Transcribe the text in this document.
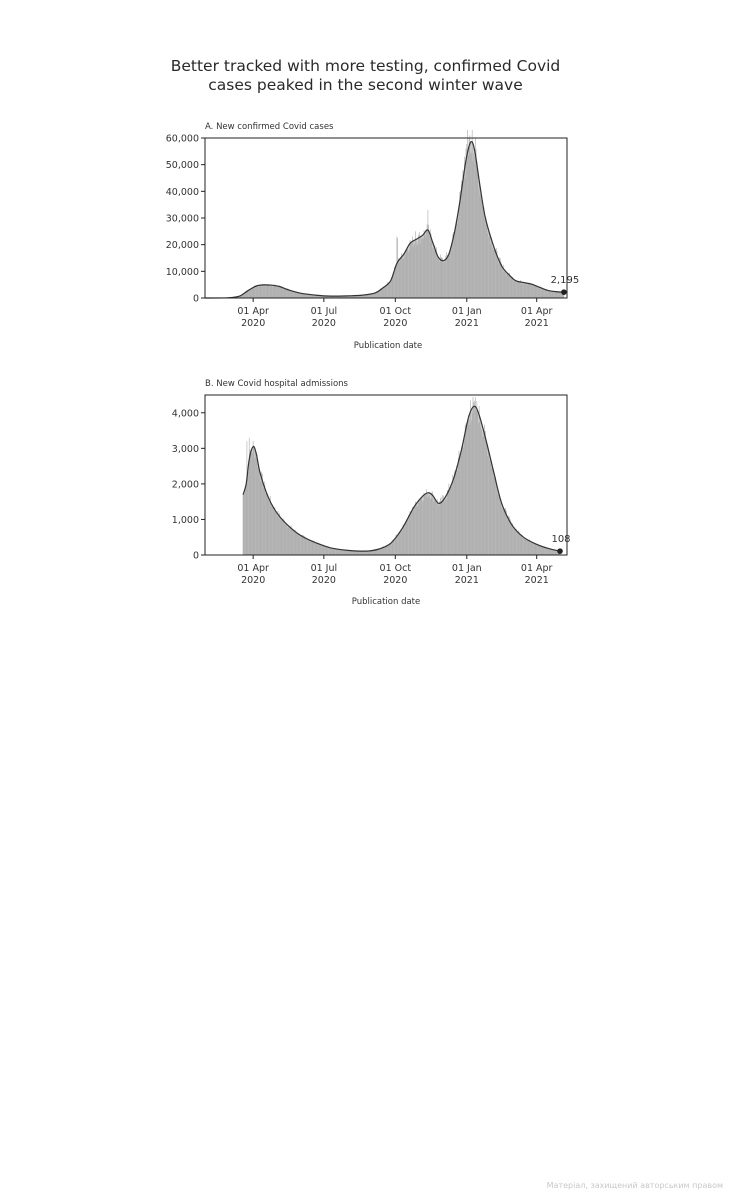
Better tracked with more testing, confirmed Covid
cases peaked in the second winter wave
A. New confirmed Covid cases
0
10,000
20,000
30,000
40,000
50,000
60,000
01 Apr
2020
01 Jul
2020
01 Oct
2020
01 Jan
2021
01 Apr
2021
2,195
Publication date
B. New Covid hospital admissions
0
1,000
2,000
3,000
4,000
01 Apr
2020
01 Jul
2020
01 Oct
2020
01 Jan
2021
01 Apr
2021
108
Publication date
Матеріал, захищений авторським правом
